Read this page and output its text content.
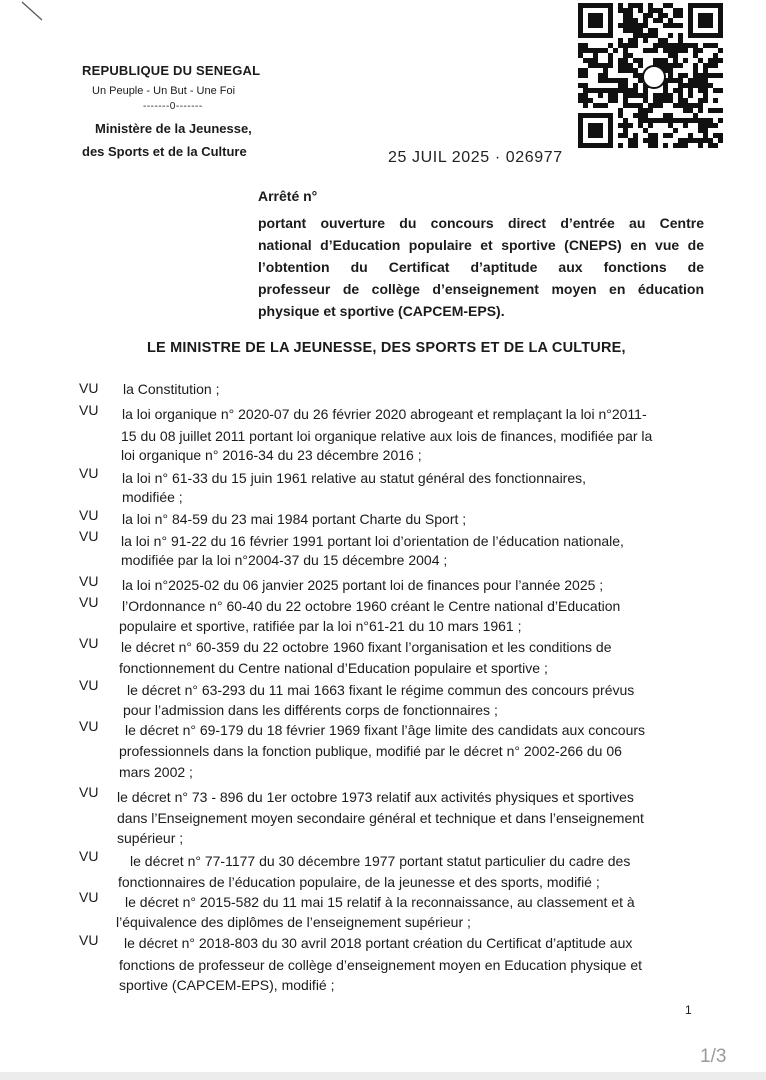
REPUBLIQUE DU SENEGAL
Un Peuple - Un But - Une Foi
-------0-------
Ministère de la Jeunesse,
des Sports et de la Culture	25 JUIL 2025 · 026977
Arrêté n°
portant ouverture du concours direct d’entrée au Centre
national d’Education populaire et sportive (CNEPS) en vue de
l’obtention du Certificat d’aptitude aux fonctions de
professeur de collège d’enseignement moyen en éducation
physique et sportive (CAPCEM-EPS).
LE MINISTRE DE LA JEUNESSE, DES SPORTS ET DE LA CULTURE,
VU la Constitution ;
VU la loi organique n° 2020-07 du 26 février 2020 abrogeant et remplaçant la loi n°2011-
15 du 08 juillet 2011 portant loi organique relative aux lois de finances, modifiée par la
loi organique n° 2016-34 du 23 décembre 2016 ;
VU la loi n° 61-33 du 15 juin 1961 relative au statut général des fonctionnaires,
modifiée ;
VU la loi n° 84-59 du 23 mai 1984 portant Charte du Sport ;
VU la loi n° 91-22 du 16 février 1991 portant loi d’orientation de l’éducation nationale,
modifiée par la loi n°2004-37 du 15 décembre 2004 ;
VU la loi n°2025-02 du 06 janvier 2025 portant loi de finances pour l’année 2025 ;
VU l’Ordonnance n° 60-40 du 22 octobre 1960 créant le Centre national d’Education
populaire et sportive, ratifiée par la loi n°61-21 du 10 mars 1961 ;
VU le décret n° 60-359 du 22 octobre 1960 fixant l’organisation et les conditions de
fonctionnement du Centre national d’Education populaire et sportive ;
VU le décret n° 63-293 du 11 mai 1663 fixant le régime commun des concours prévus
pour l’admission dans les différents corps de fonctionnaires ;
VU le décret n° 69-179 du 18 février 1969 fixant l’âge limite des candidats aux concours
professionnels dans la fonction publique, modifié par le décret n° 2002-266 du 06
mars 2002 ;
VU le décret n° 73 - 896 du 1er octobre 1973 relatif aux activités physiques et sportives
dans l’Enseignement moyen secondaire général et technique et dans l’enseignement
supérieur ;
VU le décret n° 77-1177 du 30 décembre 1977 portant statut particulier du cadre des
fonctionnaires de l’éducation populaire, de la jeunesse et des sports, modifié ;
VU le décret n° 2015-582 du 11 mai 15 relatif à la reconnaissance, au classement et à
l’équivalence des diplômes de l’enseignement supérieur ;
VU le décret n° 2018-803 du 30 avril 2018 portant création du Certificat d’aptitude aux
fonctions de professeur de collège d’enseignement moyen en Education physique et
sportive (CAPCEM-EPS), modifié ;
1
1/3
